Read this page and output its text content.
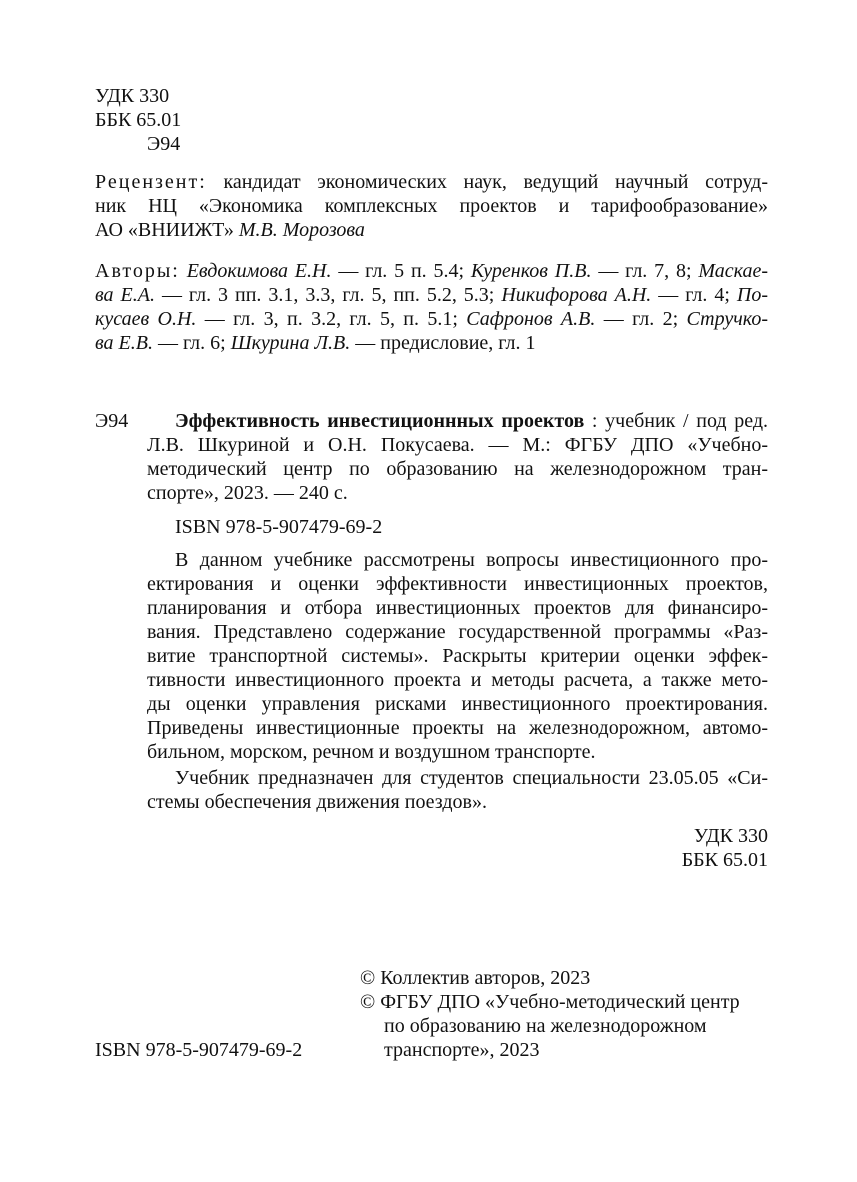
УДК 330
ББК 65.01
Э94
Рецензент: кандидат экономических наук, ведущий научный сотруд-
ник НЦ «Экономика комплексных проектов и тарифообразование»
АО «ВНИИЖТ» М.В. Морозова
Авторы: Евдокимова Е.Н. — гл. 5 п. 5.4; Куренков П.В. — гл. 7, 8; Маскае-
ва Е.А. — гл. 3 пп. 3.1, 3.3, гл. 5, пп. 5.2, 5.3; Никифорова А.Н. — гл. 4; По-
кусаев О.Н. — гл. 3, п. 3.2, гл. 5, п. 5.1; Сафронов А.В. — гл. 2; Стручко-
ва Е.В. — гл. 6; Шкурина Л.В. — предисловие, гл. 1
Э94 Эффективность инвестиционнных проектов : учебник / под ред.
Л.В. Шкуриной и О.Н. Покусаева. — М.: ФГБУ ДПО «Учебно-
методический центр по образованию на железнодорожном тран-
спорте», 2023. — 240 с.
ISBN 978-5-907479-69-2
В данном учебнике рассмотрены вопросы инвестиционного про-
ектирования и оценки эффективности инвестиционных проектов,
планирования и отбора инвестиционных проектов для финансиро-
вания. Представлено содержание государственной программы «Раз-
витие транспортной системы». Раскрыты критерии оценки эффек-
тивности инвестиционного проекта и методы расчета, а также мето-
ды оценки управления рисками инвестиционного проектирования.
Приведены инвестиционные проекты на железнодорожном, автомо-
бильном, морском, речном и воздушном транспорте.
Учебник предназначен для студентов специальности 23.05.05 «Си-
стемы обеспечения движения поездов».
УДК 330
ББК 65.01
© Коллектив авторов, 2023
© ФГБУ ДПО «Учебно-методический центр
по образованию на железнодорожном
транспорте», 2023
ISBN 978-5-907479-69-2
